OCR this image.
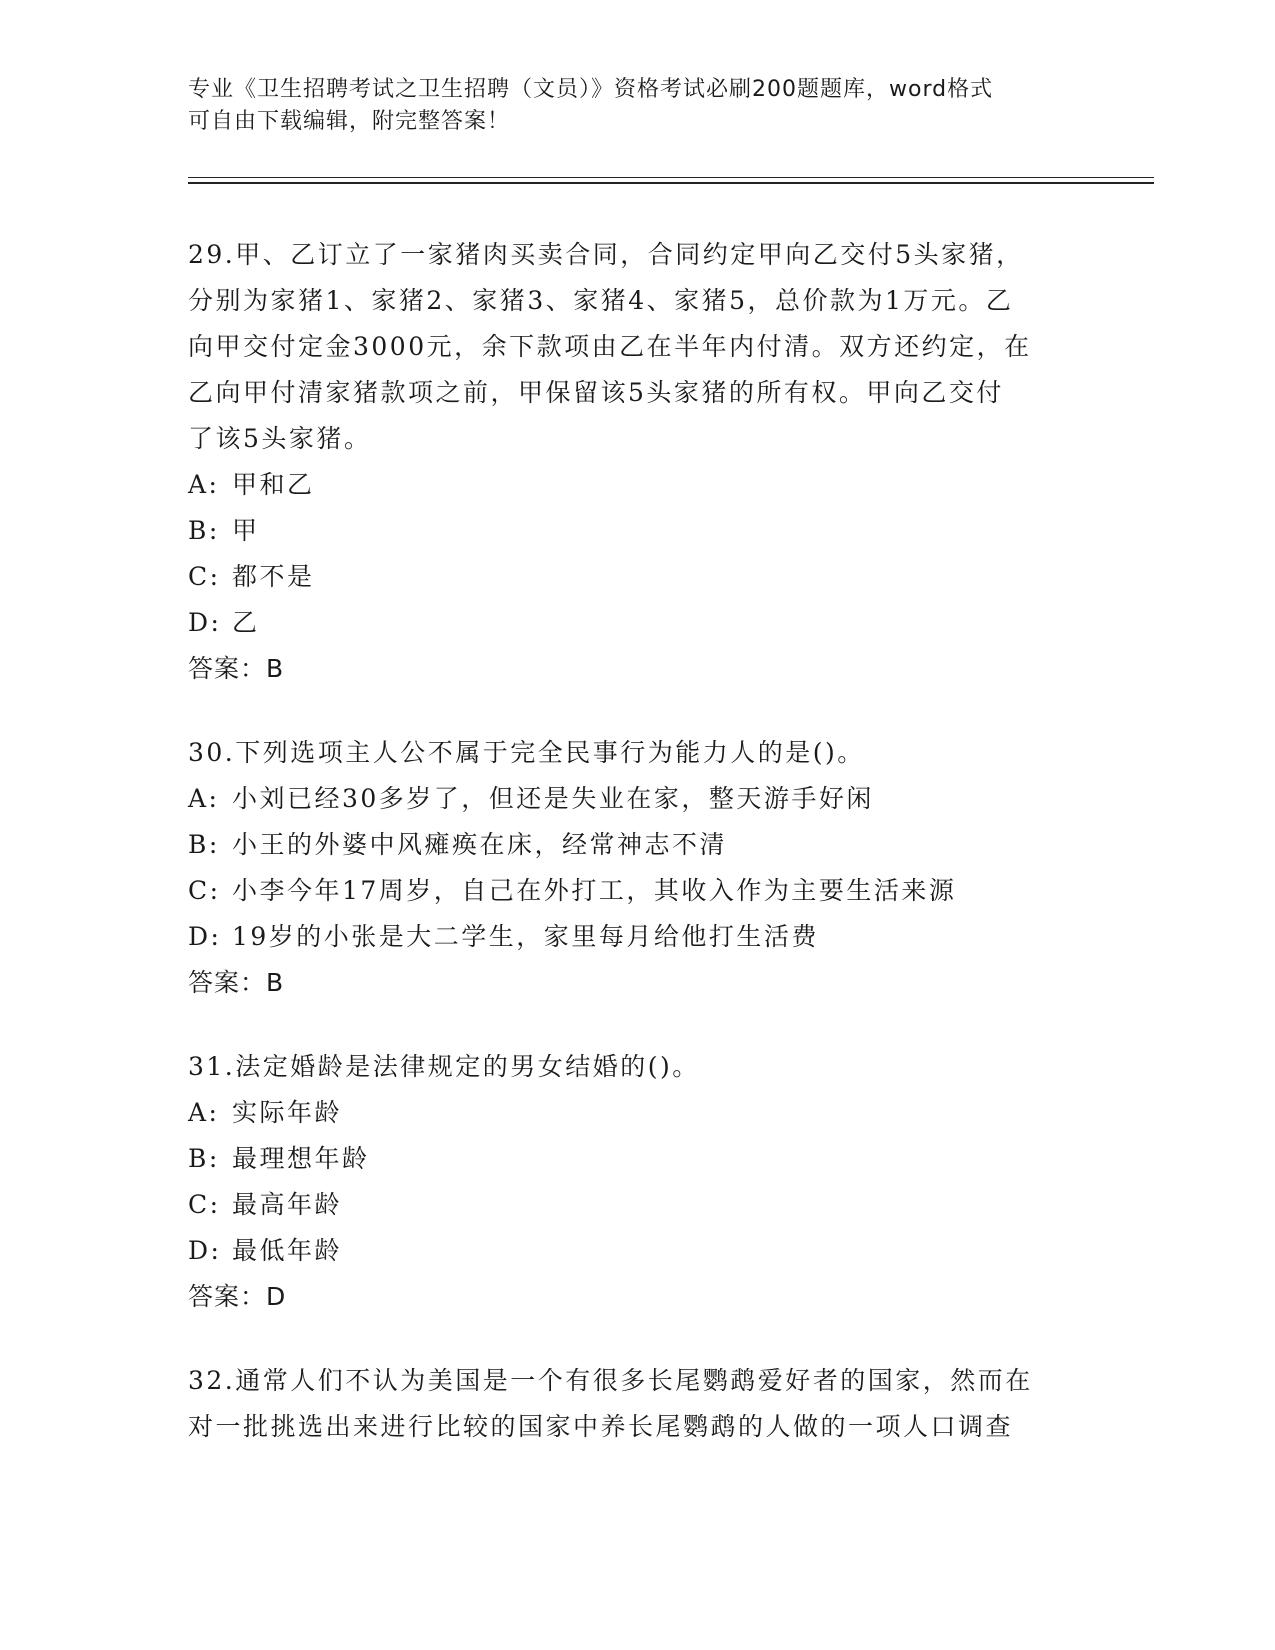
专业《卫生招聘考试之卫生招聘（文员）》资格考试必刷200题题库，word格式
可自由下载编辑，附完整答案！
29.甲、乙订立了一家猪肉买卖合同，合同约定甲向乙交付5头家猪，
分别为家猪1、家猪2、家猪3、家猪4、家猪5，总价款为1万元。乙
向甲交付定金3000元，余下款项由乙在半年内付清。双方还约定，在
乙向甲付清家猪款项之前，甲保留该5头家猪的所有权。甲向乙交付
了该5头家猪。
A: 甲和乙
B: 甲
C: 都不是
D: 乙
答案：B
30.下列选项主人公不属于完全民事行为能力人的是()。
A: 小刘已经30多岁了，但还是失业在家，整天游手好闲
B: 小王的外婆中风瘫痪在床，经常神志不清
C: 小李今年17周岁，自己在外打工，其收入作为主要生活来源
D: 19岁的小张是大二学生，家里每月给他打生活费
答案：B
31.法定婚龄是法律规定的男女结婚的()。
A: 实际年龄
B: 最理想年龄
C: 最高年龄
D: 最低年龄
答案：D
32.通常人们不认为美国是一个有很多长尾鹦鹉爱好者的国家，然而在
对一批挑选出来进行比较的国家中养长尾鹦鹉的人做的一项人口调查
